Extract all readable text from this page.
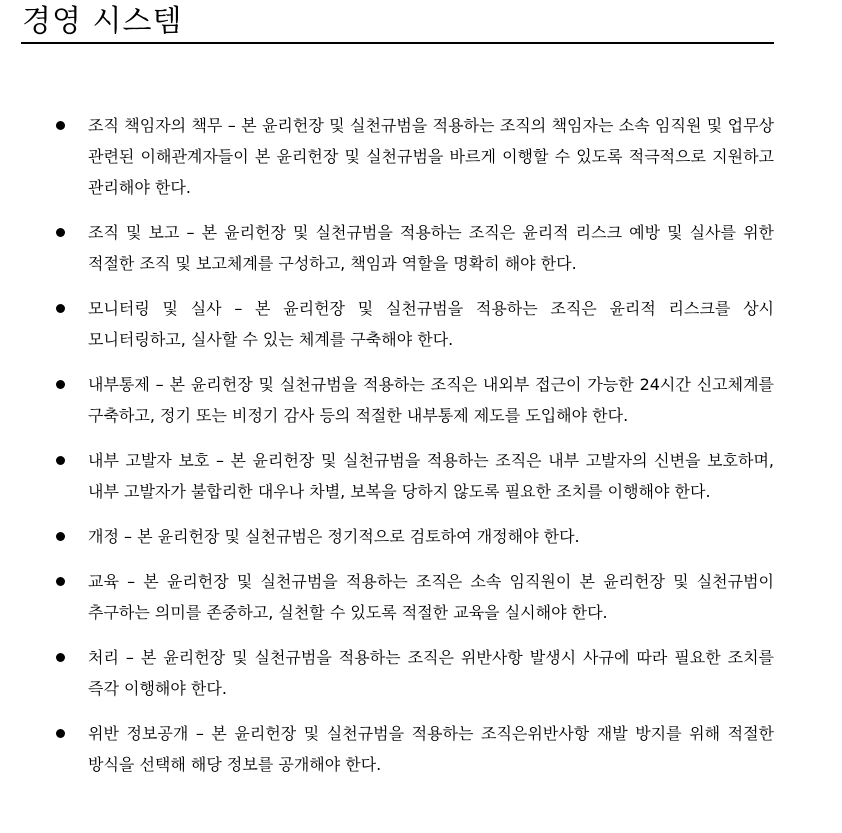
경영 시스템
조직 책임자의 책무 – 본 윤리헌장 및 실천규범을 적용하는 조직의 책임자는 소속 임직원 및 업무상 관련된 이해관계자들이 본 윤리헌장 및 실천규범을 바르게 이행할 수 있도록 적극적으로 지원하고 관리해야 한다.
조직 및 보고 – 본 윤리헌장 및 실천규범을 적용하는 조직은 윤리적 리스크 예방 및 실사를 위한 적절한 조직 및 보고체계를 구성하고, 책임과 역할을 명확히 해야 한다.
모니터링 및 실사 – 본 윤리헌장 및 실천규범을 적용하는 조직은 윤리적 리스크를 상시 모니터링하고, 실사할 수 있는 체계를 구축해야 한다.
내부통제 – 본 윤리헌장 및 실천규범을 적용하는 조직은 내외부 접근이 가능한 24시간 신고체계를 구축하고, 정기 또는 비정기 감사 등의 적절한 내부통제 제도를 도입해야 한다.
내부 고발자 보호 – 본 윤리헌장 및 실천규범을 적용하는 조직은 내부 고발자의 신변을 보호하며, 내부 고발자가 불합리한 대우나 차별, 보복을 당하지 않도록 필요한 조치를 이행해야 한다.
개정 – 본 윤리헌장 및 실천규범은 정기적으로 검토하여 개정해야 한다.
교육 – 본 윤리헌장 및 실천규범을 적용하는 조직은 소속 임직원이 본 윤리헌장 및 실천규범이 추구하는 의미를 존중하고, 실천할 수 있도록 적절한 교육을 실시해야 한다.
처리 – 본 윤리헌장 및 실천규범을 적용하는 조직은 위반사항 발생시 사규에 따라 필요한 조치를 즉각 이행해야 한다.
위반 정보공개 – 본 윤리헌장 및 실천규범을 적용하는 조직은위반사항 재발 방지를 위해 적절한 방식을 선택해 해당 정보를 공개해야 한다.
